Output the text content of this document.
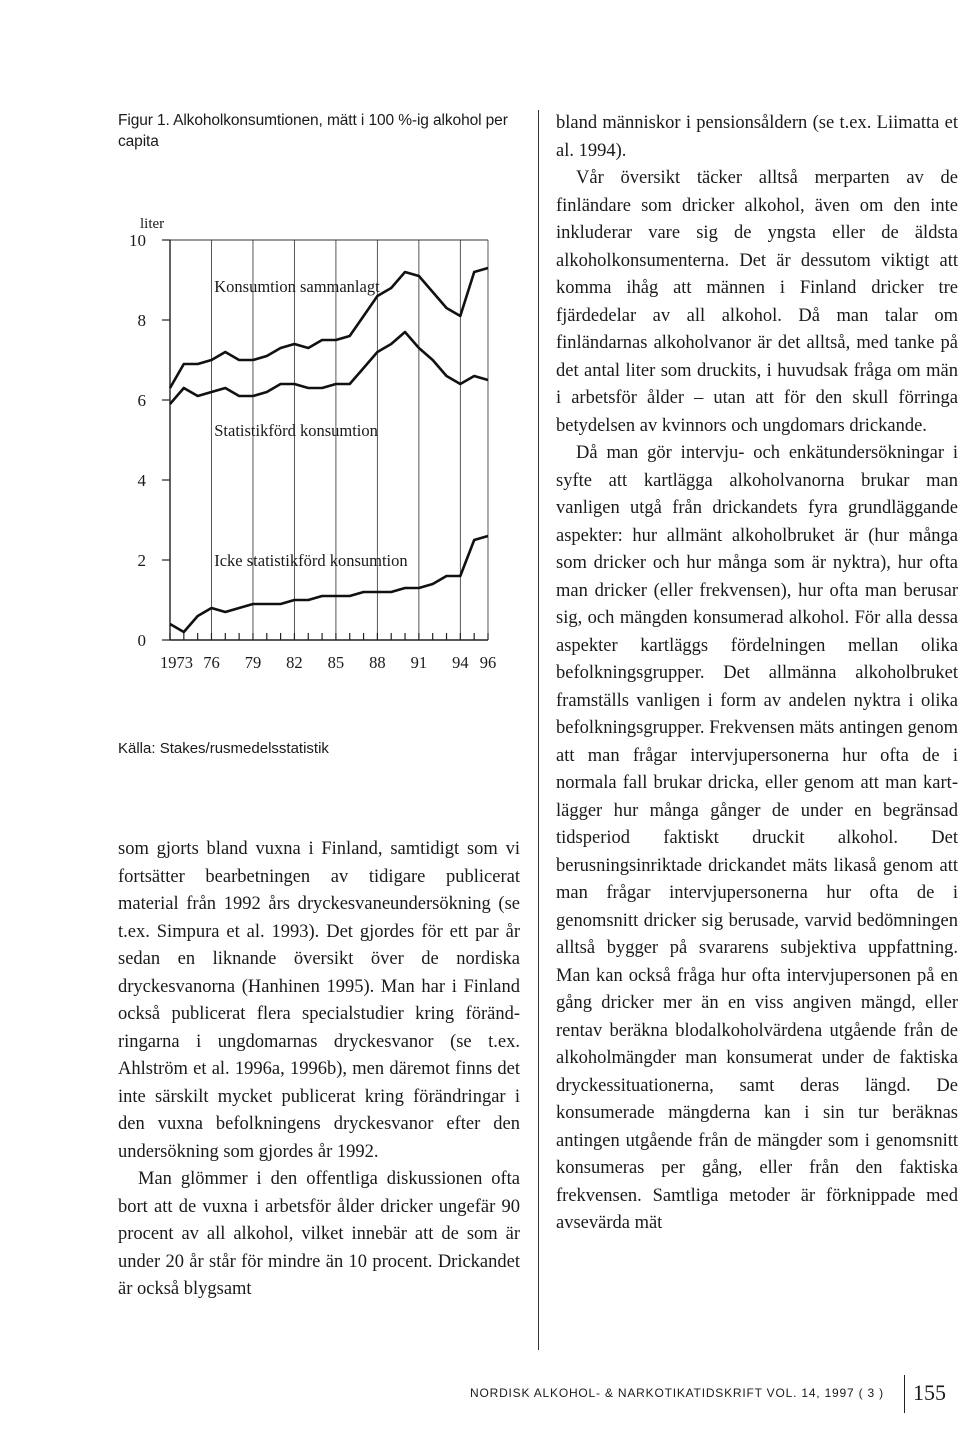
Figur 1. Alkoholkonsumtionen, mätt i 100 %-ig alkohol per capita
0
2
4
6
8
10
liter
1973 76 79 82 85 88 91 94 96
Konsumtion sammanlagt
Statistikförd konsumtion
Icke statistikförd konsumtion
Källa: Stakes/rusmedelsstatistik

som gjorts bland vuxna i Finland, samtidigt som vi fortsätter bearbetningen av tidigare publicerat material från 1992 års dryckesvaneundersökning (se t.ex. Simpura et al. 1993). Det gjordes för ett par år sedan en liknande översikt över de nordiska dryckesvanorna (Hanhinen 1995). Man har i Finland också publicerat flera specialstudier kring förändringarna i ungdomarnas dryckesvanor (se t.ex. Ahlström et al. 1996a, 1996b), men däremot finns det inte särskilt mycket publicerat kring förändringar i den vuxna befolkningens dryckesvanor efter den undersökning som gjordes år 1992.

Man glömmer i den offentliga diskussionen ofta bort att de vuxna i arbetsför ålder dricker ungefär 90 procent av all alkohol, vilket innebär att de som är under 20 år står för mindre än 10 procent. Drickandet är också blygsamt

bland människor i pensionsåldern (se t.ex. Liimatta et al. 1994).

Vår översikt täcker alltså merparten av de finländare som dricker alkohol, även om den inte inkluderar vare sig de yngsta eller de äldsta alkoholkonsumenterna. Det är dessutom viktigt att komma ihåg att männen i Finland dricker tre fjärdedelar av all alkohol. Då man talar om finländarnas alkoholvanor är det alltså, med tanke på det antal liter som druckits, i huvudsak fråga om män i arbetsför ålder – utan att för den skull förringa betydelsen av kvinnors och ungdomars drickande.

Då man gör intervju- och enkätundersökningar i syfte att kartlägga alkoholvanorna brukar man vanligen utgå från drickandets fyra grundläggande aspekter: hur allmänt alkoholbruket är (hur många som dricker och hur många som är nyktra), hur ofta man dricker (eller frekvensen), hur ofta man berusar sig, och mängden konsumerad alkohol. För alla dessa aspekter kartläggs fördelningen mellan olika befolkningsgrupper. Det allmänna alkoholbruket framställs vanligen i form av andelen nyktra i olika befolkningsgrupper. Frekvensen mäts antingen genom att man frågar intervjupersonerna hur ofta de i normala fall brukar dricka, eller genom att man kartlägger hur många gånger de under en begränsad tidsperiod faktiskt druckit alkohol. Det berusningsinriktade drickandet mäts likaså genom att man frågar intervjupersonerna hur ofta de i genomsnitt dricker sig berusade, varvid bedömningen alltså bygger på svararens subjektiva uppfattning. Man kan också fråga hur ofta intervjupersonen på en gång dricker mer än en viss angiven mängd, eller rentav beräkna blodalkoholvärdena utgående från de alkoholmängder man konsumerat under de faktiska dryckessituationerna, samt deras längd. De konsumerade mängderna kan i sin tur beräknas antingen utgående från de mängder som i genomsnitt konsumeras per gång, eller från den faktiska frekvensen. Samtliga metoder är förknippade med avsevärda mät

NORDISK ALKOHOL- & NARKOTIKATIDSKRIFT VOL. 14, 1997 ( 3 ) 155
